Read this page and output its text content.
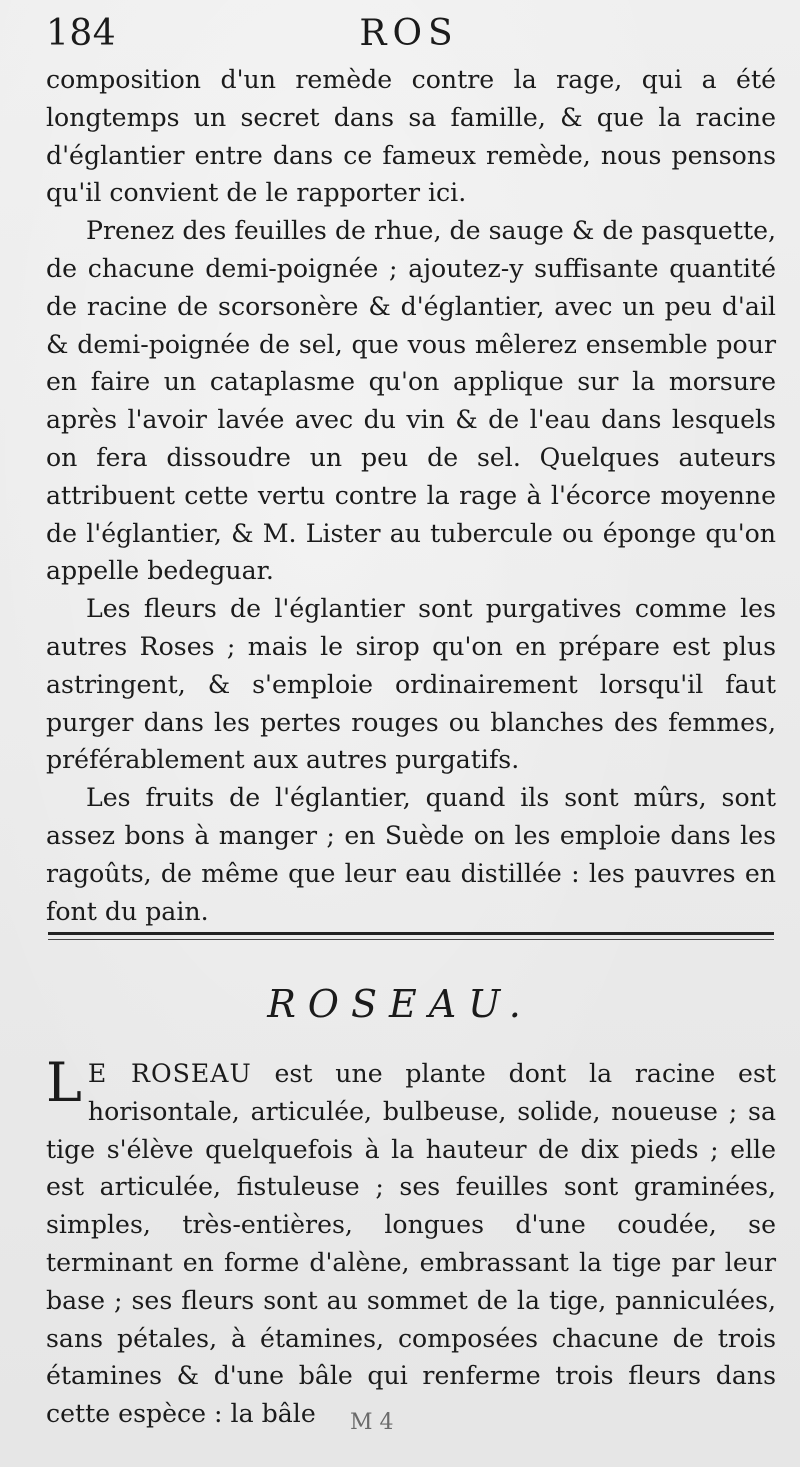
184	ROS

composition d'un remède contre la rage, qui a été longtemps un secret dans sa famille, & que la racine d'églantier entre dans ce fameux remède, nous pensons qu'il convient de le rapporter ici.

Prenez des feuilles de rhue, de sauge & de pasquette, de chacune demi-poignée ; ajoutez-y suffisante quantité de racine de scorsonère & d'églantier, avec un peu d'ail & demi-poignée de sel, que vous mêlerez ensemble pour en faire un cataplasme qu'on applique sur la morsure après l'avoir lavée avec du vin & de l'eau dans lesquels on fera dissoudre un peu de sel. Quelques auteurs attribuent cette vertu contre la rage à l'écorce moyenne de l'églantier, & M. Lister au tubercule ou éponge qu'on appelle bedeguar.

Les fleurs de l'églantier sont purgatives comme les autres Roses ; mais le sirop qu'on en prépare est plus astringent, & s'emploie ordinairement lorsqu'il faut purger dans les pertes rouges ou blanches des femmes, préférablement aux autres purgatifs.

Les fruits de l'églantier, quand ils sont mûrs, sont assez bons à manger ; en Suède on les emploie dans les ragoûts, de même que leur eau distillée : les pauvres en font du pain.

ROSEAU.

L E ROSEAU est une plante dont la racine est horisontale, articulée, bulbeuse, solide, noueuse ; sa tige s'élève quelquefois à la hauteur de dix pieds ; elle est articulée, fistuleuse ; ses feuilles sont graminées, simples, très-entières, longues d'une coudée, se terminant en forme d'alène, embrassant la tige par leur base ; ses fleurs sont au sommet de la tige, panniculées, sans pétales, à étamines, composées chacune de trois étamines & d'une bâle qui renferme trois fleurs dans cette espèce : la bâle	M 4
